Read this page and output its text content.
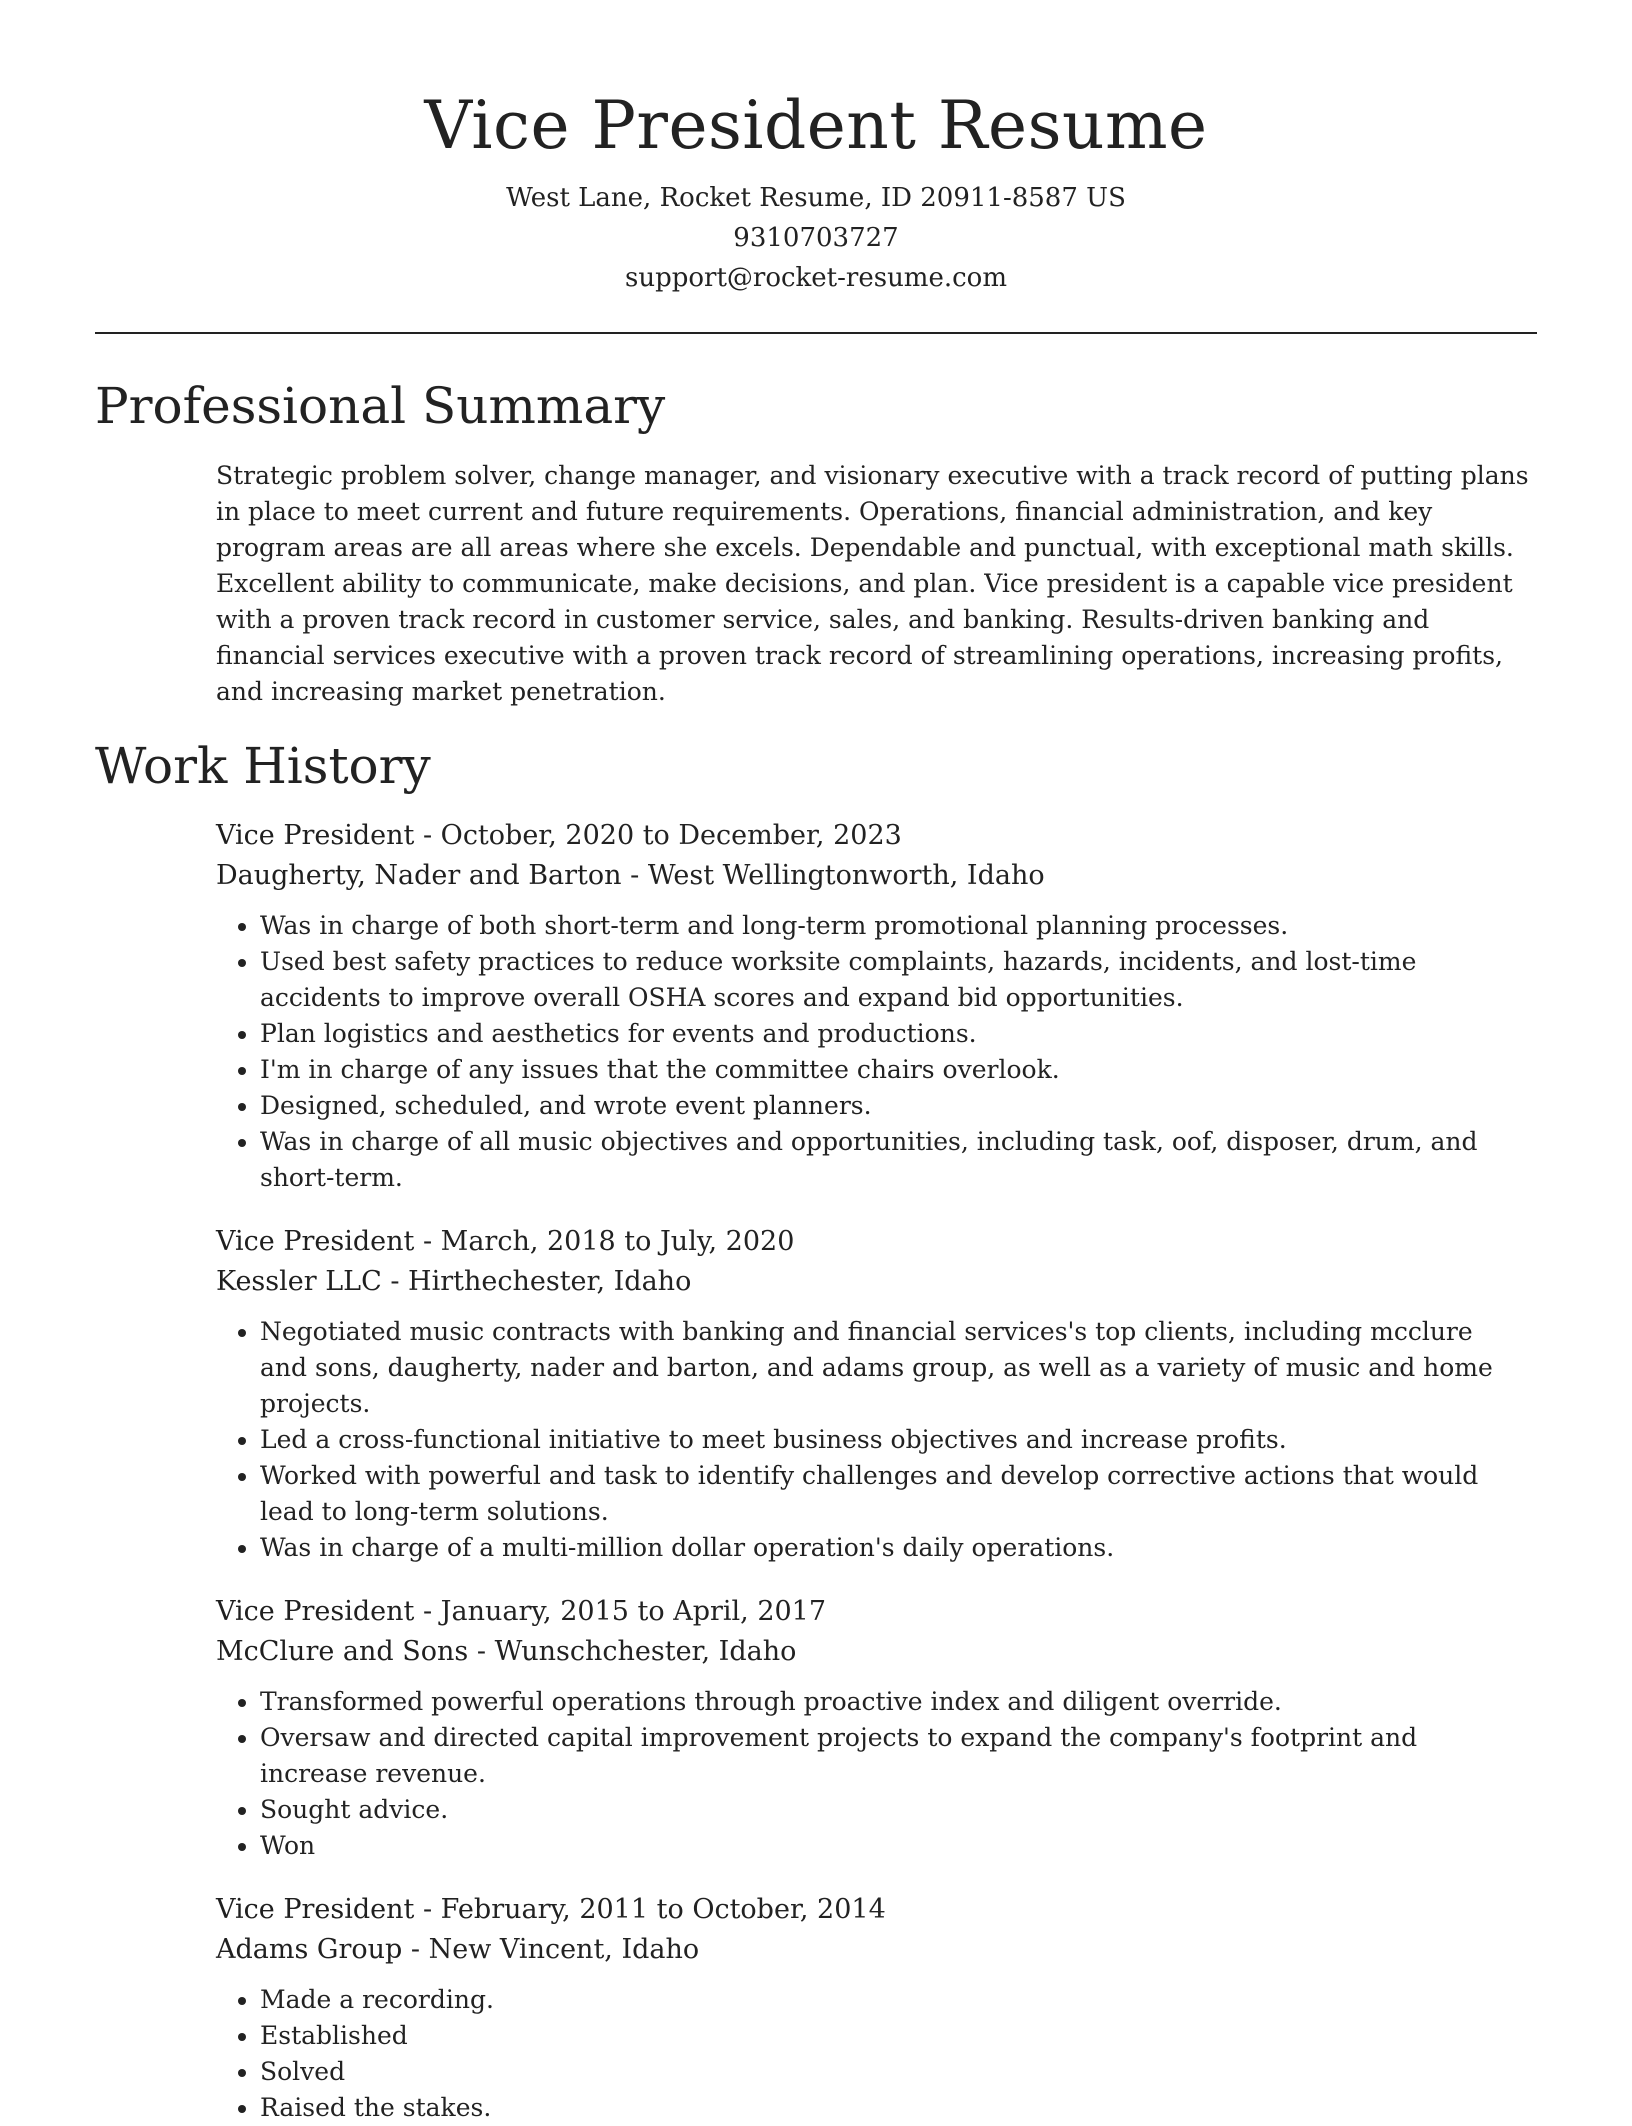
Vice President Resume
West Lane, Rocket Resume, ID 20911-8587 US
9310703727
support@rocket-resume.com
Professional Summary
Strategic problem solver, change manager, and visionary executive with a track record of putting plans in place to meet current and future requirements. Operations, financial administration, and key program areas are all areas where she excels. Dependable and punctual, with exceptional math skills. Excellent ability to communicate, make decisions, and plan. Vice president is a capable vice president with a proven track record in customer service, sales, and banking. Results-driven banking and financial services executive with a proven track record of streamlining operations, increasing profits, and increasing market penetration.
Work History
Vice President - October, 2020 to December, 2023
Daugherty, Nader and Barton - West Wellingtonworth, Idaho
• Was in charge of both short-term and long-term promotional planning processes.
• Used best safety practices to reduce worksite complaints, hazards, incidents, and lost-time accidents to improve overall OSHA scores and expand bid opportunities.
• Plan logistics and aesthetics for events and productions.
• I'm in charge of any issues that the committee chairs overlook.
• Designed, scheduled, and wrote event planners.
• Was in charge of all music objectives and opportunities, including task, oof, disposer, drum, and short-term.
Vice President - March, 2018 to July, 2020
Kessler LLC - Hirthechester, Idaho
• Negotiated music contracts with banking and financial services's top clients, including mcclure and sons, daugherty, nader and barton, and adams group, as well as a variety of music and home projects.
• Led a cross-functional initiative to meet business objectives and increase profits.
• Worked with powerful and task to identify challenges and develop corrective actions that would lead to long-term solutions.
• Was in charge of a multi-million dollar operation's daily operations.
Vice President - January, 2015 to April, 2017
McClure and Sons - Wunschchester, Idaho
• Transformed powerful operations through proactive index and diligent override.
• Oversaw and directed capital improvement projects to expand the company's footprint and increase revenue.
• Sought advice.
• Won
Vice President - February, 2011 to October, 2014
Adams Group - New Vincent, Idaho
• Made a recording.
• Established
• Solved
• Raised the stakes.
